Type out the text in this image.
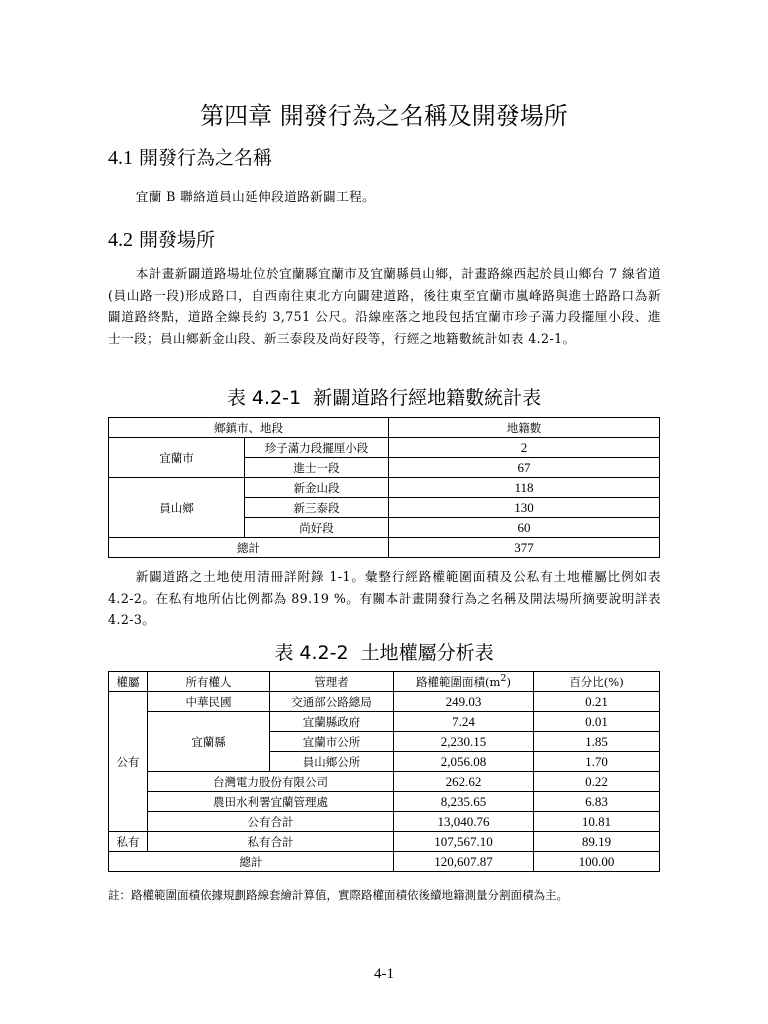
第四章 開發行為之名稱及開發場所
4.1 開發行為之名稱

宜蘭 B 聯絡道員山延伸段道路新闢工程。

4.2 開發場所

本計畫新闢道路場址位於宜蘭縣宜蘭市及宜蘭縣員山鄉，計畫路線西起於員山鄉台 7 線省道(員山路一段)形成路口，自西南往東北方向闢建道路，後往東至宜蘭市嵐峰路與進士路路口為新闢道路終點，道路全線長約 3,751 公尺。沿線座落之地段包括宜蘭市珍子滿力段擺厘小段、進士一段；員山鄉新金山段、新三泰段及尚好段等，行經之地籍數統計如表 4.2-1。

表 4.2-1 新闢道路行經地籍數統計表
鄉鎮市、地段		地籍數
宜蘭市	珍子滿力段擺厘小段	2
	進士一段	67
員山鄉	新金山段	118
	新三泰段	130
	尚好段	60
總計		377

新闢道路之土地使用清冊詳附錄 1-1。彙整行經路權範圍面積及公私有土地權屬比例如表 4.2-2。在私有地所佔比例都為 89.19 %。有關本計畫開發行為之名稱及開法場所摘要說明詳表 4.2-3。

表 4.2-2 土地權屬分析表
權屬	所有權人	管理者	路權範圍面積$(m^2)$	百分比(%)
公有	中華民國	交通部公路總局	249.03	0.21
	宜蘭縣	宜蘭縣政府	7.24	0.01
		宜蘭市公所	2,230.15	1.85
		員山鄉公所	2,056.08	1.70
	台灣電力股份有限公司		262.62	0.22
	農田水利署宜蘭管理處		8,235.65	6.83
	公有合計		13,040.76	10.81
私有	私有合計		107,567.10	89.19
總計			120,607.87	100.00
註：路權範圍面積依據規劃路線套繪計算值，實際路權面積依後續地籍測量分割面積為主。
4-1
